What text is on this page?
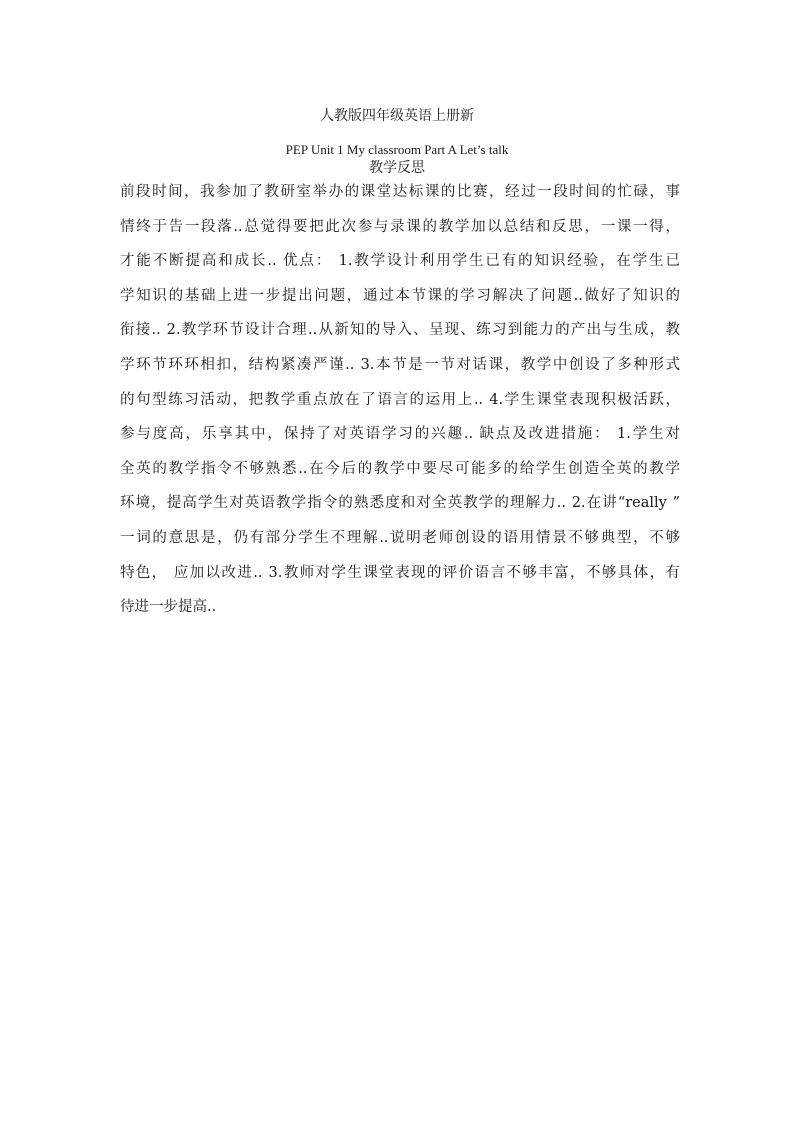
人教版四年级英语上册新
PEP Unit 1 My classroom Part A Let’s talk
教学反思
前段时间，我参加了教研室举办的课堂达标课的比赛，经过一段时间的忙碌，事
情终于告一段落..总觉得要把此次参与录课的教学加以总结和反思，一课一得，
才能不断提高和成长.. 优点： 1.教学设计利用学生已有的知识经验，在学生已
学知识的基础上进一步提出问题，通过本节课的学习解决了问题..做好了知识的
衔接.. 2.教学环节设计合理..从新知的导入、呈现、练习到能力的产出与生成，教
学环节环环相扣，结构紧凑严谨.. 3.本节是一节对话课，教学中创设了多种形式
的句型练习活动，把教学重点放在了语言的运用上.. 4.学生课堂表现积极活跃，
参与度高，乐享其中，保持了对英语学习的兴趣.. 缺点及改进措施： 1.学生对
全英的教学指令不够熟悉..在今后的教学中要尽可能多的给学生创造全英的教学
环境，提高学生对英语教学指令的熟悉度和对全英教学的理解力.. 2.在讲“really ”
一词的意思是，仍有部分学生不理解..说明老师创设的语用情景不够典型，不够
特色， 应加以改进.. 3.教师对学生课堂表现的评价语言不够丰富，不够具体，有
待进一步提高..
